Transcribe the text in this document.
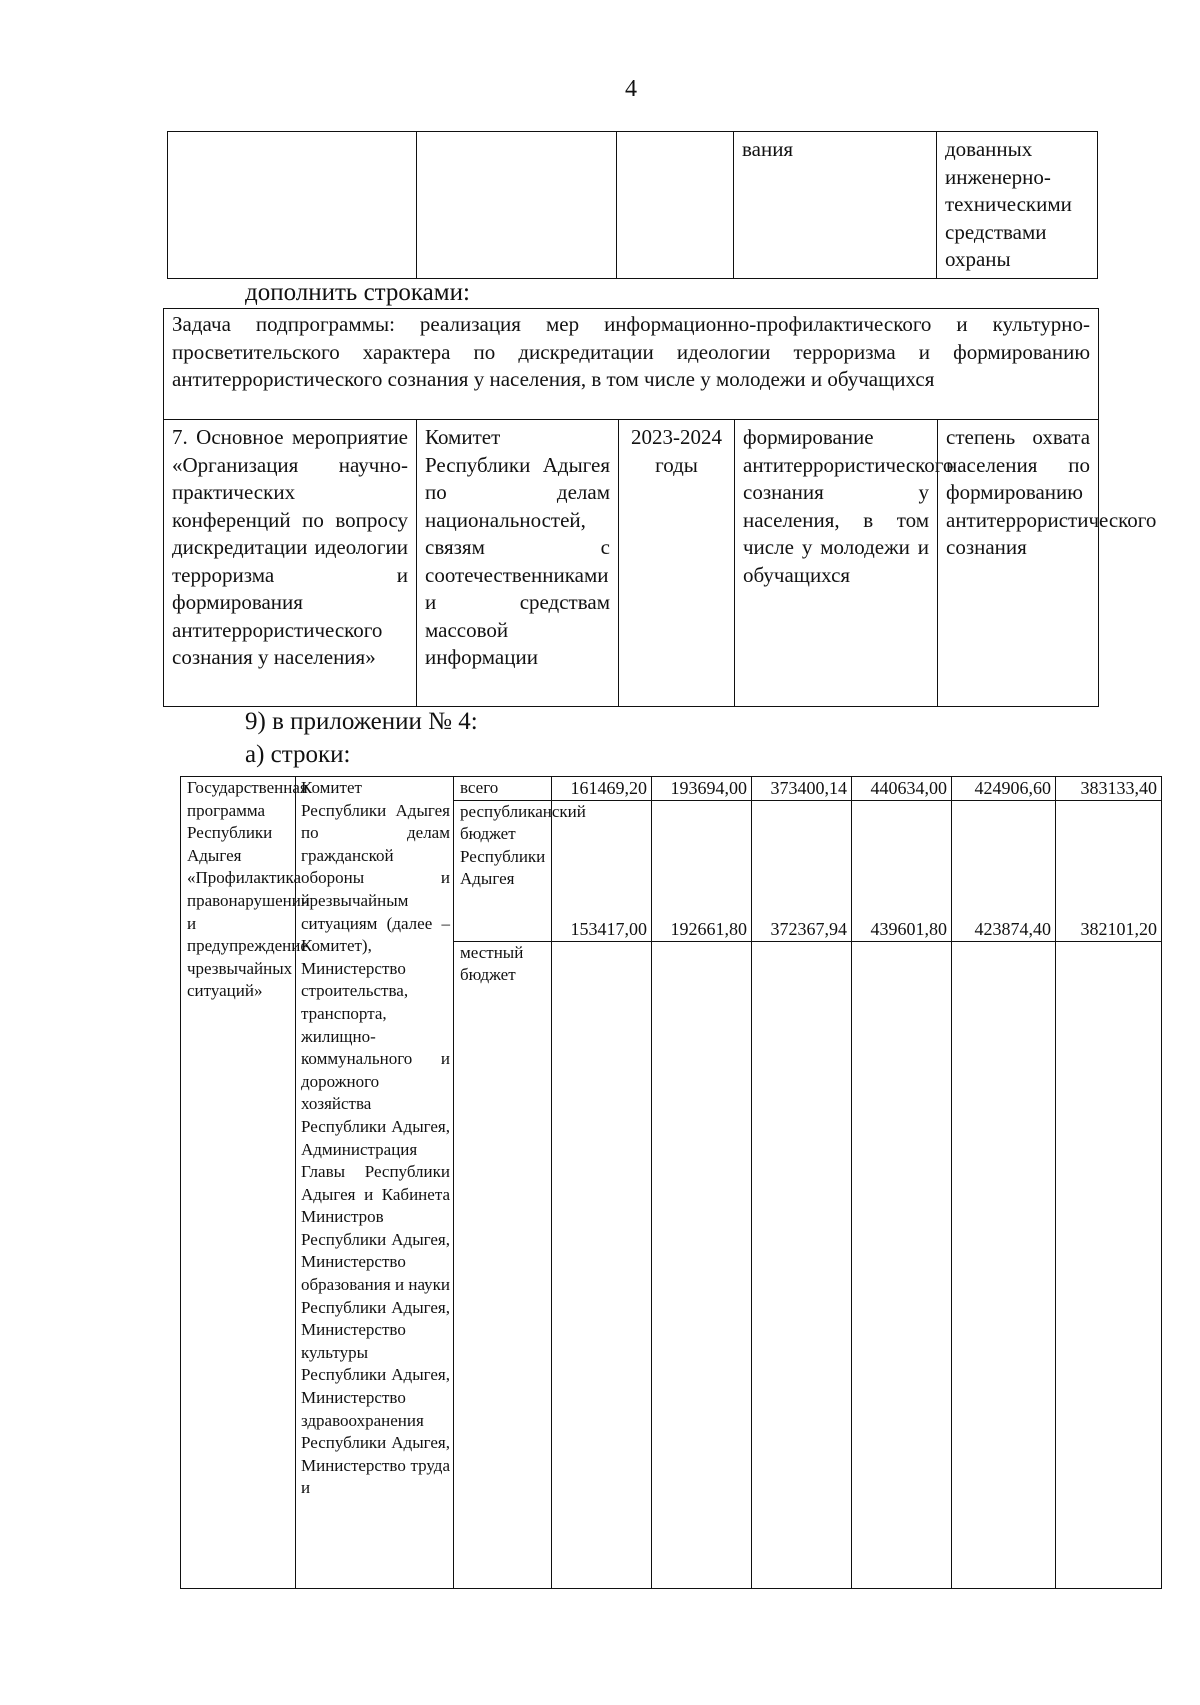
4
			вания	дованных инженерно-техническими средствами охраны
дополнить строками:
Задача подпрограммы: реализация мер информационно-профилактического и культурно-просветительского характера по дискредитации идеологии терроризма и формированию антитеррористического сознания у населения, в том числе у молодежи и обучащихся
7. Основное мероприятие «Организация научно-практических конференций по вопросу дискредитации идеологии терроризма и формирования антитеррористического сознания у населения»	Комитет Республики Адыгея по делам национальностей, связям с соотечественниками и средствам массовой информации	2023-2024 годы	формирование антитеррористического сознания у населения, в том числе у молодежи и обучащихся	степень охвата населения по формированию антитеррористического сознания
9) в приложении № 4:
а) строки:
Государственная программа Республики Адыгея «Профилактика правонарушений и предупреждение чрезвычайных ситуаций»	Комитет Республики Адыгея по делам гражданской обороны и чрезвычайным ситуациям (далее – Комитет), Министерство строительства, транспорта, жилищно-коммунального и дорожного хозяйства Республики Адыгея, Администрация Главы Республики Адыгея и Кабинета Министров Республики Адыгея, Министерство образования и науки Республики Адыгея, Министерство культуры Республики Адыгея, Министерство здравоохранения Республики Адыгея, Министерство труда и	всего	161469,20	193694,00	373400,14	440634,00	424906,60	383133,40
		республиканский бюджет Республики Адыгея	153417,00	192661,80	372367,94	439601,80	423874,40	382101,20
		местный бюджет						
